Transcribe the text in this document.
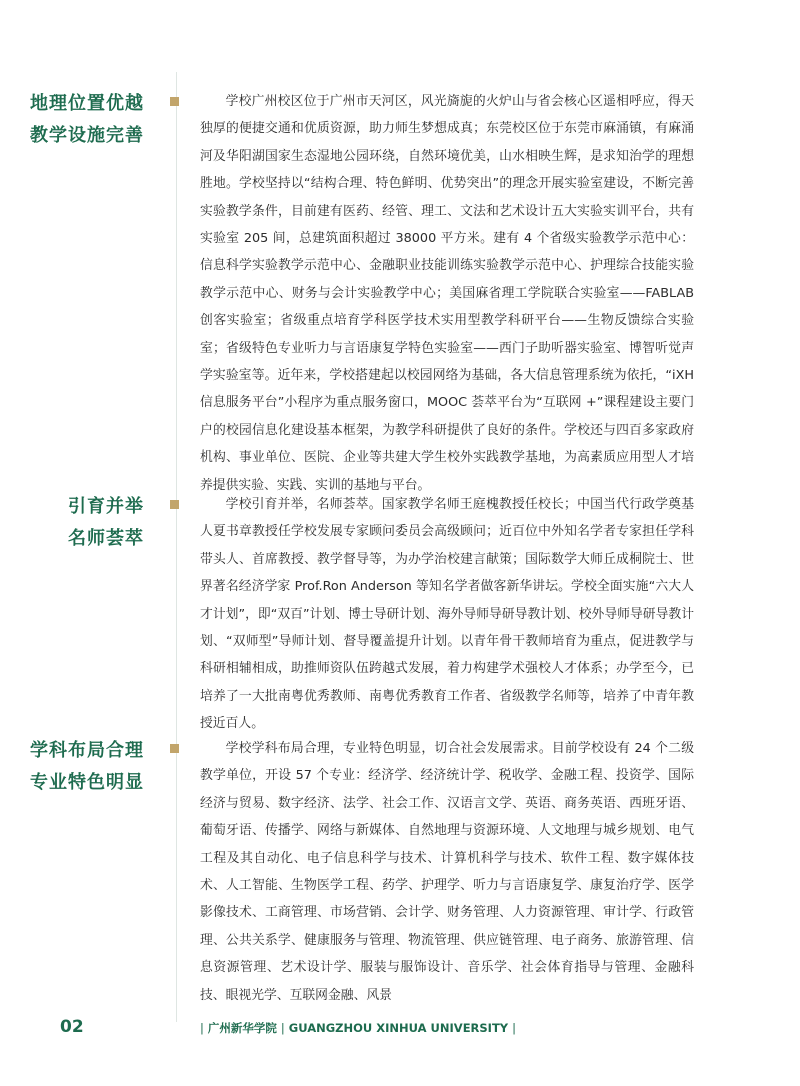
地理位置优越
教学设施完善

学校广州校区位于广州市天河区，风光旖旎的火炉山与省会核心区遥相呼应，得天独厚的便捷交通和优质资源，助力师生梦想成真；东莞校区位于东莞市麻涌镇，有麻涌河及华阳湖国家生态湿地公园环绕，自然环境优美，山水相映生辉，是求知治学的理想胜地。学校坚持以“结构合理、特色鲜明、优势突出”的理念开展实验室建设，不断完善实验教学条件，目前建有医药、经管、理工、文法和艺术设计五大实验实训平台，共有实验室 205 间，总建筑面积超过 38000 平方米。建有 4 个省级实验教学示范中心：信息科学实验教学示范中心、金融职业技能训练实验教学示范中心、护理综合技能实验教学示范中心、财务与会计实验教学中心；美国麻省理工学院联合实验室——FABLAB 创客实验室；省级重点培育学科医学技术实用型教学科研平台——生物反馈综合实验室；省级特色专业听力与言语康复学特色实验室——西门子助听器实验室、博智听觉声学实验室等。近年来，学校搭建起以校园网络为基础，各大信息管理系统为依托，“iXH 信息服务平台”小程序为重点服务窗口，MOOC 荟萃平台为“互联网 +”课程建设主要门户的校园信息化建设基本框架，为教学科研提供了良好的条件。学校还与四百多家政府机构、事业单位、医院、企业等共建大学生校外实践教学基地，为高素质应用型人才培养提供实验、实践、实训的基地与平台。

引育并举
名师荟萃

学校引育并举，名师荟萃。国家教学名师王庭槐教授任校长；中国当代行政学奠基人夏书章教授任学校发展专家顾问委员会高级顾问；近百位中外知名学者专家担任学科带头人、首席教授、教学督导等，为办学治校建言献策；国际数学大师丘成桐院士、世界著名经济学家 Prof.Ron Anderson 等知名学者做客新华讲坛。学校全面实施“六大人才计划”，即“双百”计划、博士导研计划、海外导师导研导教计划、校外导师导研导教计划、“双师型”导师计划、督导覆盖提升计划。以青年骨干教师培育为重点，促进教学与科研相辅相成，助推师资队伍跨越式发展，着力构建学术强校人才体系；办学至今，已培养了一大批南粤优秀教师、南粤优秀教育工作者、省级教学名师等，培养了中青年教授近百人。

学科布局合理
专业特色明显

学校学科布局合理，专业特色明显，切合社会发展需求。目前学校设有 24 个二级教学单位，开设 57 个专业：经济学、经济统计学、税收学、金融工程、投资学、国际经济与贸易、数字经济、法学、社会工作、汉语言文学、英语、商务英语、西班牙语、葡萄牙语、传播学、网络与新媒体、自然地理与资源环境、人文地理与城乡规划、电气工程及其自动化、电子信息科学与技术、计算机科学与技术、软件工程、数字媒体技术、人工智能、生物医学工程、药学、护理学、听力与言语康复学、康复治疗学、医学影像技术、工商管理、市场营销、会计学、财务管理、人力资源管理、审计学、行政管理、公共关系学、健康服务与管理、物流管理、供应链管理、电子商务、旅游管理、信息资源管理、艺术设计学、服装与服饰设计、音乐学、社会体育指导与管理、金融科技、眼视光学、互联网金融、风景

02	| 广州新华学院 | GUANGZHOU XINHUA UNIVERSITY |
